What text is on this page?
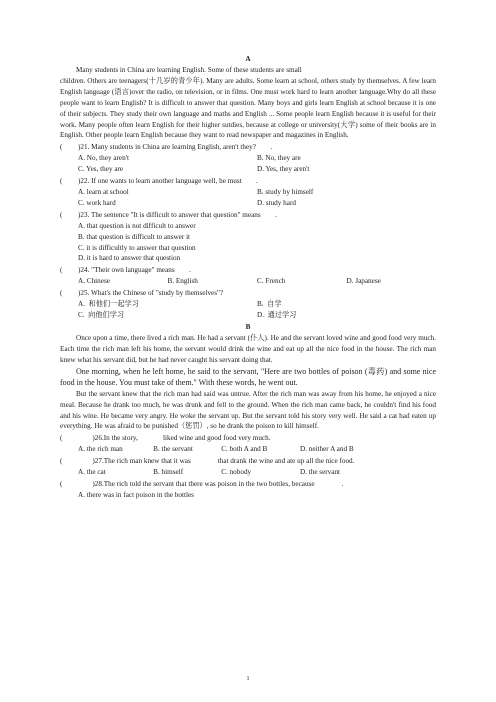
A

Many students in China are learning English. Some of these students are small

children. Others are teenagers(十几岁的青少年). Many are adults. Some learn at school, others study by themselves. A few learn English language (语言)over the radio, on television, or in films. One must work hard to learn another language.Why do all these people want to learn English? It is difficult to answer that question. Many boys and girls learn English at school because it is one of their subjects. They study their own language and maths and English ... Some people learn English because it is useful for their work. Many people often learn English for their higher sutdies, because at college or university(大学) some of their books are in English. Other people learn English because they want to read newspaper and magazines in English.

(	)21. Many students in China are learning English, aren't they?        .
A. No, they aren't	B. No, they are
C. Yes, they are	D. Yes, they aren't
(	)22. If one wants to learn another language well, he must        .
A. learn at school	B. study by himself
C. work hard	D. study hard
(	)23. The sentence "It is difficult to answer that question" means        .
A. that question is not difficult to answer
B. that question is difficult to answer it
C. it is difficultly to answer that question
D. it is hard to answer that question
(	)24. "Their own language" means        .
A. Chinese	B. English	C. French	D. Japanese
(	)25. What's the Chinese of "study by themselves"?
A.  和他们一起学习	B.  自学
C.  向他们学习	D.  通过学习
B

Once upon a time, there lived a rich man. He had a servant (仆人). He and the servant loved wine and good food very much. Each time the rich man left his home, the servant would drink the wine and eat up all the nice food in the house. The rich man knew what his servant did, but he had never caught his servant doing that.

One morning, when he left home, he said to the servant, "Here are two bottles of poison (毒药) and some nice food in the house. You must take of them." With these words, he went out.

But the servant knew that the rich man had said was untrue. After the rich man was away from his home, he enjoyed a nice meal. Because he drank too much, he was drunk and fell to the ground. When the rich man came back, he couldn't find his food and his wine. He became very angry. He woke the servant up. But the servant told his story very well. He said a cat had eaten up everything. He was afraid to be punished（惩罚）, so he drank the poison to kill himself.

(	)26.In the story,              liked wine and good food very much.
A. the rich man	B. the servant	C. both A and B	D. neither A and B
(	)27.The rich man knew that it was               that drank the wine and ate up all the nice food.
A. the cat	B. himself	C. nobody	D. the servant
(	)28.The rich told the servant that there was poison in the two bottles, because               .
A. there was in fact poison in the bottles
1
